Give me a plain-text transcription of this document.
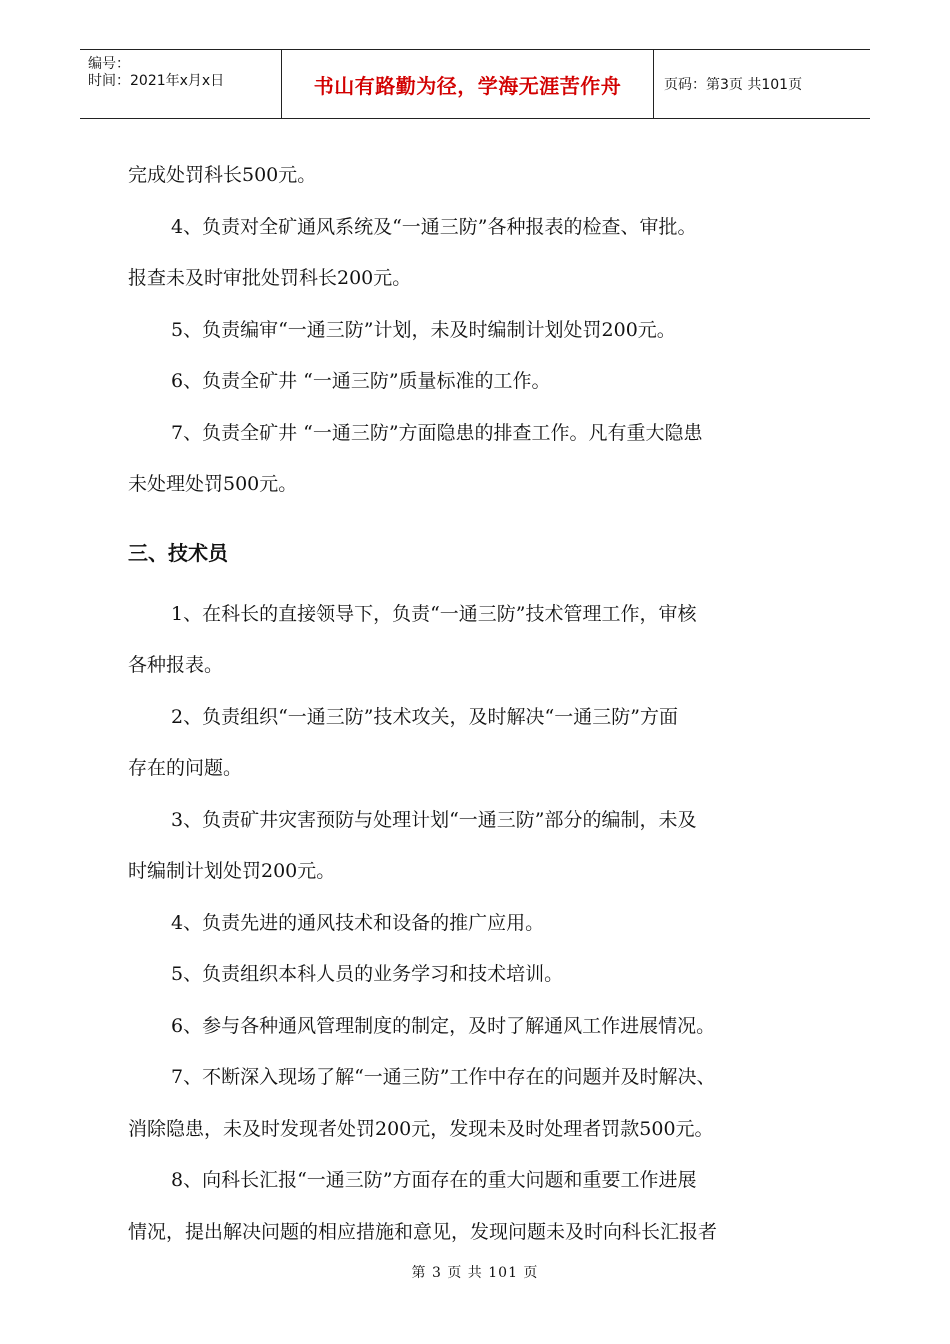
编号：
时间：2021年x月x日	书山有路勤为径，学海无涯苦作舟	页码：第3页 共101页

完成处罚科长500元。

4、负责对全矿通风系统及“一通三防”各种报表的检查、审批。

报查未及时审批处罚科长200元。

5、负责编审“一通三防”计划，未及时编制计划处罚200元。

6、负责全矿井 “一通三防”质量标准的工作。

7、负责全矿井 “一通三防”方面隐患的排查工作。凡有重大隐患

未处理处罚500元。

三、技术员

1、在科长的直接领导下，负责“一通三防”技术管理工作，审核

各种报表。

2、负责组织“一通三防”技术攻关，及时解决“一通三防”方面

存在的问题。

3、负责矿井灾害预防与处理计划“一通三防”部分的编制，未及

时编制计划处罚200元。

4、负责先进的通风技术和设备的推广应用。

5、负责组织本科人员的业务学习和技术培训。

6、参与各种通风管理制度的制定，及时了解通风工作进展情况。

7、不断深入现场了解“一通三防”工作中存在的问题并及时解决、

消除隐患，未及时发现者处罚200元，发现未及时处理者罚款500元。

8、向科长汇报“一通三防”方面存在的重大问题和重要工作进展

情况，提出解决问题的相应措施和意见，发现问题未及时向科长汇报者

第 3 页 共 101 页
